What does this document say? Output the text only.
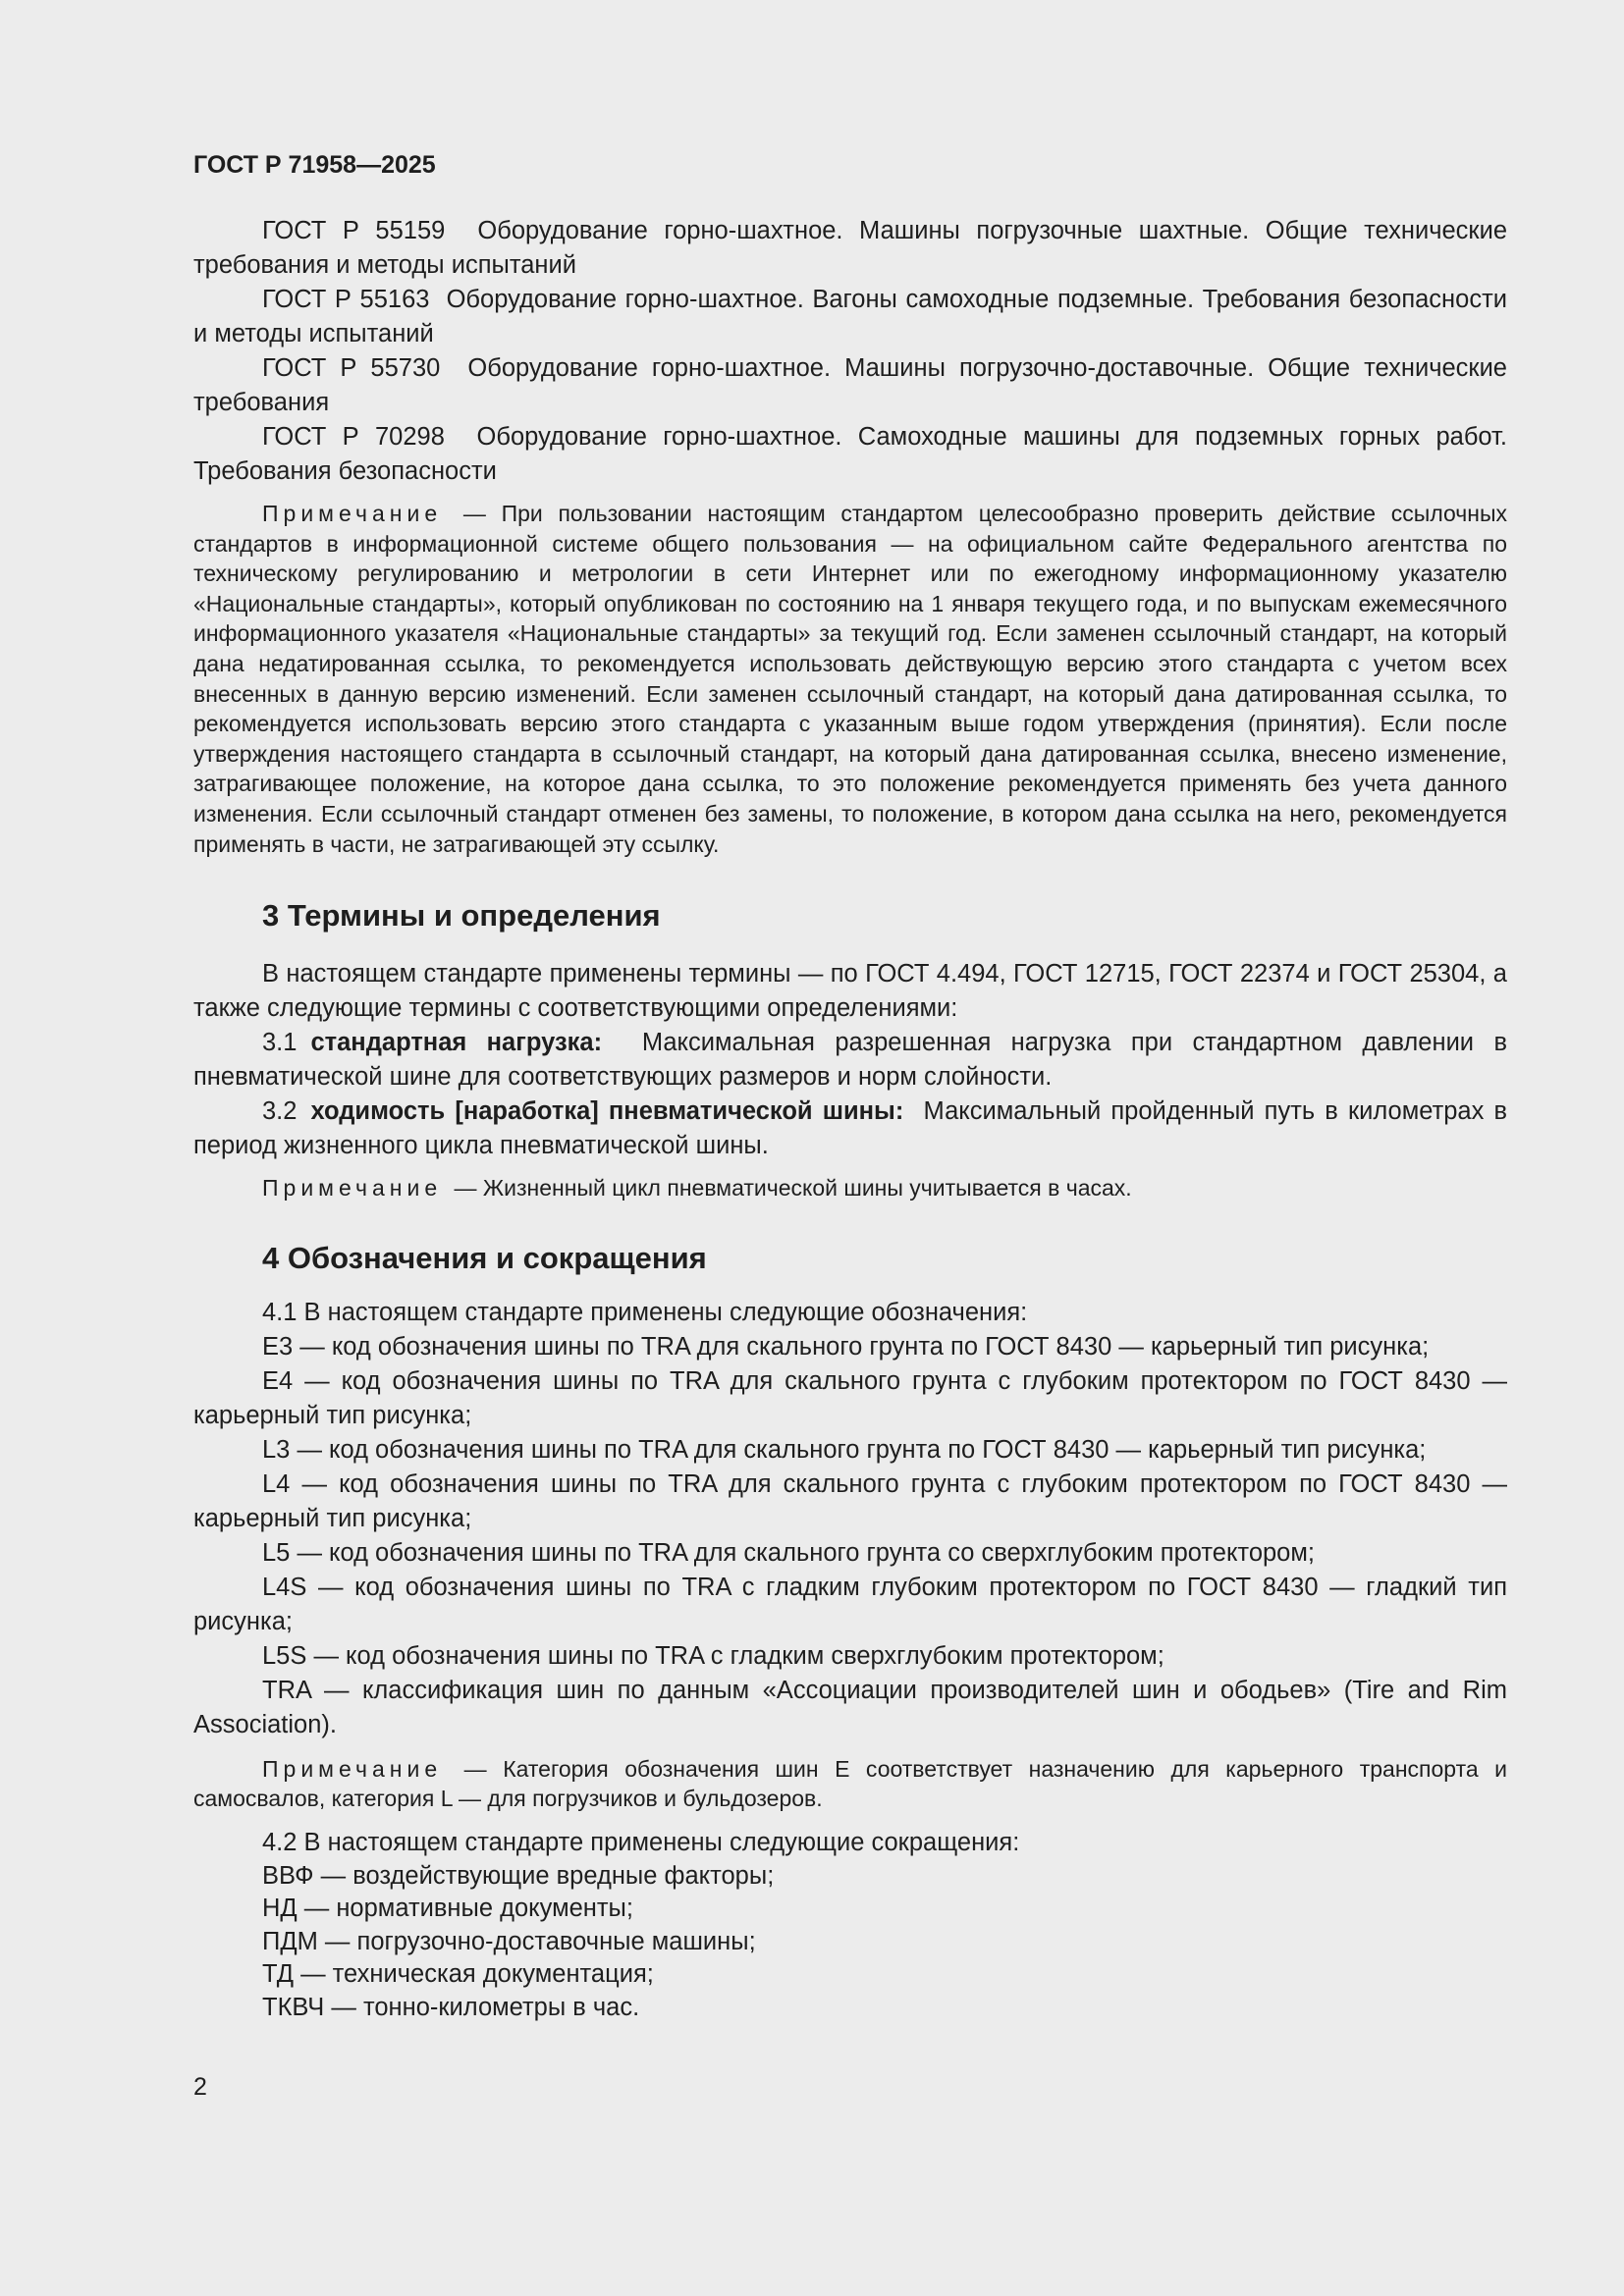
ГОСТ Р 71958—2025

ГОСТ Р 55159 Оборудование горно-шахтное. Машины погрузочные шахтные. Общие технические требования и методы испытаний

ГОСТ Р 55163 Оборудование горно-шахтное. Вагоны самоходные подземные. Требования безопасности и методы испытаний

ГОСТ Р 55730 Оборудование горно-шахтное. Машины погрузочно-доставочные. Общие технические требования

ГОСТ Р 70298 Оборудование горно-шахтное. Самоходные машины для подземных горных работ. Требования безопасности

Примечание — При пользовании настоящим стандартом целесообразно проверить действие ссылочных стандартов в информационной системе общего пользования — на официальном сайте Федерального агентства по техническому регулированию и метрологии в сети Интернет или по ежегодному информационному указателю «Национальные стандарты», который опубликован по состоянию на 1 января текущего года, и по выпускам ежемесячного информационного указателя «Национальные стандарты» за текущий год. Если заменен ссылочный стандарт, на который дана недатированная ссылка, то рекомендуется использовать действующую версию этого стандарта с учетом всех внесенных в данную версию изменений. Если заменен ссылочный стандарт, на который дана датированная ссылка, то рекомендуется использовать версию этого стандарта с указанным выше годом утверждения (принятия). Если после утверждения настоящего стандарта в ссылочный стандарт, на который дана датированная ссылка, внесено изменение, затрагивающее положение, на которое дана ссылка, то это положение рекомендуется применять без учета данного изменения. Если ссылочный стандарт отменен без замены, то положение, в котором дана ссылка на него, рекомендуется применять в части, не затрагивающей эту ссылку.

3 Термины и определения

В настоящем стандарте применены термины — по ГОСТ 4.494, ГОСТ 12715, ГОСТ 22374 и ГОСТ 25304, а также следующие термины с соответствующими определениями:

3.1 стандартная нагрузка: Максимальная разрешенная нагрузка при стандартном давлении в пневматической шине для соответствующих размеров и норм слойности.

3.2 ходимость [наработка] пневматической шины: Максимальный пройденный путь в километрах в период жизненного цикла пневматической шины.

Примечание — Жизненный цикл пневматической шины учитывается в часах.

4 Обозначения и сокращения

4.1 В настоящем стандарте применены следующие обозначения:

Е3 — код обозначения шины по TRA для скального грунта по ГОСТ 8430 — карьерный тип рисунка;

Е4 — код обозначения шины по TRA для скального грунта с глубоким протектором по ГОСТ 8430 — карьерный тип рисунка;

L3 — код обозначения шины по TRA для скального грунта по ГОСТ 8430 — карьерный тип рисунка;

L4 — код обозначения шины по TRA для скального грунта с глубоким протектором по ГОСТ 8430 — карьерный тип рисунка;

L5 — код обозначения шины по TRA для скального грунта со сверхглубоким протектором;

L4S — код обозначения шины по TRA с гладким глубоким протектором по ГОСТ 8430 — гладкий тип рисунка;

L5S — код обозначения шины по TRA с гладким сверхглубоким протектором;

TRA — классификация шин по данным «Ассоциации производителей шин и ободьев» (Tire and Rim Association).

Примечание — Категория обозначения шин Е соответствует назначению для карьерного транспорта и самосвалов, категория L — для погрузчиков и бульдозеров.

4.2 В настоящем стандарте применены следующие сокращения:

ВВФ — воздействующие вредные факторы;

НД — нормативные документы;

ПДМ — погрузочно-доставочные машины;

ТД — техническая документация;

ТКВЧ — тонно-километры в час.

2
